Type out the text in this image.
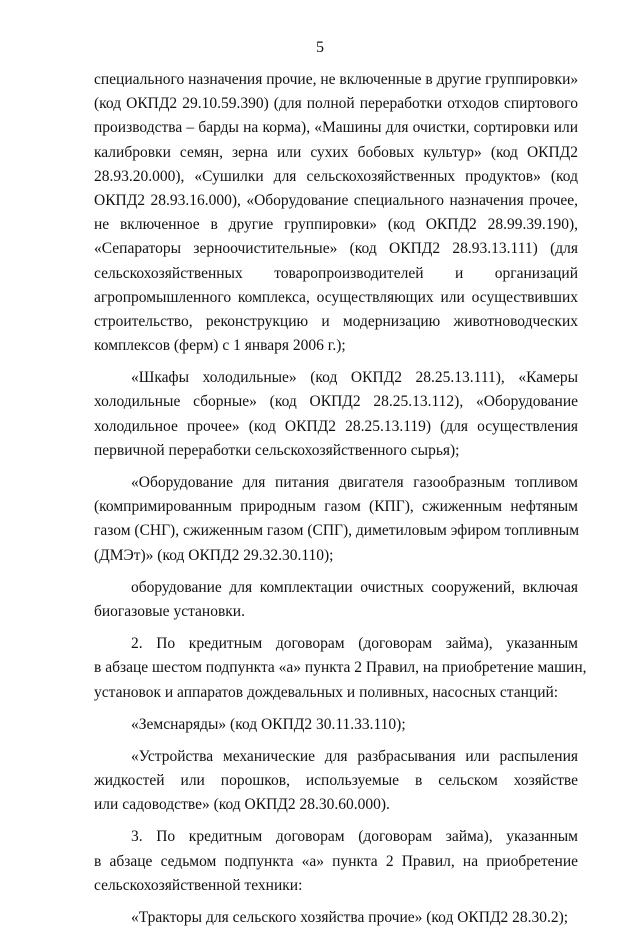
5
специального назначения прочие, не включенные в другие группировки»
(код ОКПД2 29.10.59.390) (для полной переработки отходов спиртового
производства – барды на корма), «Машины для очистки, сортировки или
калибровки семян, зерна или сухих бобовых культур» (код ОКПД2
28.93.20.000), «Сушилки для сельскохозяйственных продуктов» (код
ОКПД2 28.93.16.000), «Оборудование специального назначения прочее,
не включенное в другие группировки» (код ОКПД2 28.99.39.190),
«Сепараторы зерноочистительные» (код ОКПД2 28.93.13.111) (для
сельскохозяйственных товаропроизводителей и организаций
агропромышленного комплекса, осуществляющих или осуществивших
строительство, реконструкцию и модернизацию животноводческих
комплексов (ферм) с 1 января 2006 г.);
«Шкафы холодильные» (код ОКПД2 28.25.13.111), «Камеры
холодильные сборные» (код ОКПД2 28.25.13.112), «Оборудование
холодильное прочее» (код ОКПД2 28.25.13.119) (для осуществления
первичной переработки сельскохозяйственного сырья);
«Оборудование для питания двигателя газообразным топливом
(компримированным природным газом (КПГ), сжиженным нефтяным
газом (СНГ), сжиженным газом (СПГ), диметиловым эфиром топливным
(ДМЭт)» (код ОКПД2 29.32.30.110);
оборудование для комплектации очистных сооружений, включая
биогазовые установки.
2. По кредитным договорам (договорам займа), указанным
в абзаце шестом подпункта «а» пункта 2 Правил, на приобретение машин,
установок и аппаратов дождевальных и поливных, насосных станций:
«Земснаряды» (код ОКПД2 30.11.33.110);
«Устройства механические для разбрасывания или распыления
жидкостей или порошков, используемые в сельском хозяйстве
или садоводстве» (код ОКПД2 28.30.60.000).
3. По кредитным договорам (договорам займа), указанным
в абзаце седьмом подпункта «а» пункта 2 Правил, на приобретение
сельскохозяйственной техники:
«Тракторы для сельского хозяйства прочие» (код ОКПД2 28.30.2);
